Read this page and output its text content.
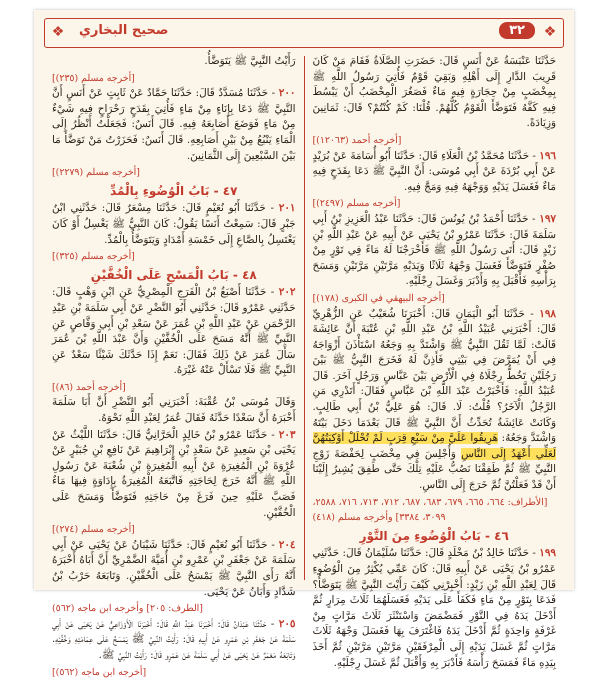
❖	صحيح البخاري	٣٢	❖

حَدَّثَنَا عَنْبَسَةُ عَنْ أَنَسٍ قَالَ: حَضَرَتِ الصَّلَاةُ فَقَامَ مَنْ كَانَ قَرِيبَ الدَّارِ إِلَى أَهْلِهِ وَبَقِيَ قَوْمٌ فَأُتِيَ رَسُولُ اللَّهِ ﷺ بِمِخْضَبٍ مِنْ حِجَارَةٍ فِيهِ مَاءٌ فَصَغُرَ الْمِخْضَبُ أَنْ يَبْسُطَ فِيهِ كَفَّهُ فَتَوَضَّأَ الْقَوْمُ كُلُّهُمْ. قُلْنَا: كَمْ كُنْتُمْ؟ قَالَ: ثَمَانِينَ وَزِيَادَةً.

[أخرجه أحمد (١٢٠٦٣)]

١٩٦ - حَدَّثَنَا مُحَمَّدُ بْنُ الْعَلَاءِ قَالَ: حَدَّثَنَا أَبُو أُسَامَةَ عَنْ بُرَيْدٍ عَنْ أَبِي بُرْدَةَ عَنْ أَبِي مُوسَى: أَنَّ النَّبِيَّ ﷺ دَعَا بِقَدَحٍ فِيهِ مَاءٌ فَغَسَلَ يَدَيْهِ وَوَجْهَهُ فِيهِ وَمَجَّ فِيهِ.

[أخرجه مسلم (٢٤٩٧)]

١٩٧ - حَدَّثَنَا أَحْمَدُ بْنُ يُونُسَ قَالَ: حَدَّثَنَا عَبْدُ الْعَزِيزِ بْنُ أَبِي سَلَمَةَ قَالَ: حَدَّثَنَا عَمْرُو بْنُ يَحْيَى عَنْ أَبِيهِ عَنْ عَبْدِ اللَّهِ بْنِ زَيْدٍ قَالَ: أَتَى رَسُولُ اللَّهِ ﷺ فَأَخْرَجْنَا لَهُ مَاءً فِي تَوْرٍ مِنْ صُفْرٍ فَتَوَضَّأَ فَغَسَلَ وَجْهَهُ ثَلَاثًا وَيَدَيْهِ مَرَّتَيْنِ مَرَّتَيْنِ وَمَسَحَ بِرَأْسِهِ فَأَقْبَلَ بِهِ وَأَدْبَرَ وَغَسَلَ رِجْلَيْهِ.

[أخرجه البيهقي في الكبرى (١٧٨)]

١٩٨ - حَدَّثَنَا أَبُو الْيَمَانِ قَالَ: أَخْبَرَنَا شُعَيْبٌ عَنِ الزُّهْرِيِّ قَالَ: أَخْبَرَنِي عُبَيْدُ اللَّهِ بْنُ عَبْدِ اللَّهِ بْنِ عُتْبَةَ أَنَّ عَائِشَةَ قَالَتْ: لَمَّا ثَقُلَ النَّبِيُّ ﷺ وَاشْتَدَّ بِهِ وَجَعُهُ اسْتَأْذَنَ أَزْوَاجَهُ فِي أَنْ يُمَرَّضَ فِي بَيْتِي فَأَذِنَّ لَهُ فَخَرَجَ النَّبِيُّ ﷺ بَيْنَ رَجُلَيْنِ تَخُطُّ رِجْلَاهُ فِي الْأَرْضِ بَيْنَ عَبَّاسٍ وَرَجُلٍ آخَرَ. قَالَ عُبَيْدُ اللَّهِ: فَأَخْبَرْتُ عَبْدَ اللَّهِ بْنَ عَبَّاسٍ فَقَالَ: أَتَدْرِي مَنِ الرَّجُلُ الْآخَرُ؟ قُلْتُ: لَا. قَالَ: هُوَ عَلِيُّ بْنُ أَبِي طَالِبٍ. وَكَانَتْ عَائِشَةُ تُحَدِّثُ أَنَّ النَّبِيَّ ﷺ قَالَ بَعْدَمَا دَخَلَ بَيْتَهُ وَاشْتَدَّ وَجَعُهُ: هَرِيقُوا عَلَيَّ مِنْ سَبْعِ قِرَبٍ لَمْ تُحْلَلْ أَوْكِيَتُهُنَّ لَعَلِّي أَعْهَدُ إِلَى النَّاسِ وَأُجْلِسَ فِي مِخْضَبٍ لِحَفْصَةَ زَوْجِ النَّبِيِّ ﷺ ثُمَّ طَفِقْنَا نَصُبُّ عَلَيْهِ تِلْكَ حَتَّى طَفِقَ يُشِيرُ إِلَيْنَا أَنْ قَدْ فَعَلْتُنَّ ثُمَّ خَرَجَ إِلَى النَّاسِ.

[الأطراف: ٦٦٤، ٦٦٥، ٦٧٩، ٦٨٣، ٦٨٧، ٧١٢، ٧١٣، ٧١٦، ٢٥٨٨، ٣٠٩٩، ٣٣٨٤] وأخرجه مسلم (٤١٨)
٤٦ - بَابُ الْوُضُوءِ مِنَ التَّوْرِ

١٩٩ - حَدَّثَنَا خَالِدُ بْنُ مَخْلَدٍ قَالَ: حَدَّثَنَا سُلَيْمَانُ قَالَ: حَدَّثَنِي عَمْرُو بْنُ يَحْيَى عَنْ أَبِيهِ قَالَ: كَانَ عَمِّي يُكْثِرُ مِنَ الْوُضُوءِ قَالَ لِعَبْدِ اللَّهِ بْنِ زَيْدٍ: أَخْبِرْنِي كَيْفَ رَأَيْتَ النَّبِيَّ ﷺ يَتَوَضَّأُ؟ فَدَعَا بِتَوْرٍ مِنْ مَاءٍ فَكَفَأَ عَلَى يَدَيْهِ فَغَسَلَهُمَا ثَلَاثَ مِرَارٍ ثُمَّ أَدْخَلَ يَدَهُ فِي التَّوْرِ فَمَضْمَضَ وَاسْتَنْثَرَ ثَلَاثَ مَرَّاتٍ مِنْ غَرْفَةٍ وَاحِدَةٍ ثُمَّ أَدْخَلَ يَدَهُ فَاغْتَرَفَ بِهَا فَغَسَلَ وَجْهَهُ ثَلَاثَ مَرَّاتٍ ثُمَّ غَسَلَ يَدَيْهِ إِلَى الْمِرْفَقَيْنِ مَرَّتَيْنِ مَرَّتَيْنِ ثُمَّ أَخَذَ بِيَدِهِ مَاءً فَمَسَحَ رَأْسَهُ فَأَدْبَرَ بِهِ وَأَقْبَلَ ثُمَّ غَسَلَ رِجْلَيْهِ.

رَأَيْتُ النَّبِيَّ ﷺ يَتَوَضَّأُ.

[أخرجه مسلم (٢٣٥)]

٢٠٠ - حَدَّثَنَا مُسَدَّدٌ قَالَ: حَدَّثَنَا حَمَّادٌ عَنْ ثَابِتٍ عَنْ أَنَسٍ أَنَّ النَّبِيَّ ﷺ دَعَا بِإِنَاءٍ مِنْ مَاءٍ فَأُتِيَ بِقَدَحٍ رَحْرَاحٍ فِيهِ شَيْءٌ مِنْ مَاءٍ فَوَضَعَ أَصَابِعَهُ فِيهِ. قَالَ أَنَسٌ: فَجَعَلْتُ أَنْظُرُ إِلَى الْمَاءِ يَنْبُعُ مِنْ بَيْنِ أَصَابِعِهِ. قَالَ أَنَسٌ: فَحَزَرْتُ مَنْ تَوَضَّأَ مَا بَيْنَ السَّبْعِينَ إِلَى الثَّمَانِينَ.

[أخرجه مسلم (٢٢٧٩)]
٤٧ - بَابُ الْوُضُوءِ بِالْمُدِّ

٢٠١ - حَدَّثَنَا أَبُو نُعَيْمٍ قَالَ: حَدَّثَنَا مِسْعَرٌ قَالَ: حَدَّثَنِي ابْنُ جَبْرٍ قَالَ: سَمِعْتُ أَنَسًا يَقُولُ: كَانَ النَّبِيُّ ﷺ يَغْسِلُ أَوْ كَانَ يَغْتَسِلُ بِالصَّاعِ إِلَى خَمْسَةِ أَمْدَادٍ وَيَتَوَضَّأُ بِالْمُدِّ.

[أخرجه مسلم (٣٢٥)]
٤٨ - بَابُ الْمَسْحِ عَلَى الْخُفَّيْنِ

٢٠٢ - حَدَّثَنَا أَصْبَغُ بْنُ الْفَرَجِ الْمِصْرِيُّ عَنِ ابْنِ وَهْبٍ قَالَ: حَدَّثَنِي عَمْرٌو قَالَ: حَدَّثَنِي أَبُو النَّضْرِ عَنْ أَبِي سَلَمَةَ بْنِ عَبْدِ الرَّحْمَنِ عَنْ عَبْدِ اللَّهِ بْنِ عُمَرَ عَنْ سَعْدِ بْنِ أَبِي وَقَّاصٍ عَنِ النَّبِيِّ ﷺ أَنَّهُ مَسَحَ عَلَى الْخُفَّيْنِ وَأَنَّ عَبْدَ اللَّهِ بْنَ عُمَرَ سَأَلَ عُمَرَ عَنْ ذَلِكَ فَقَالَ: نَعَمْ إِذَا حَدَّثَكَ شَيْئًا سَعْدٌ عَنِ النَّبِيِّ ﷺ فَلَا تَسْأَلْ عَنْهُ غَيْرَهُ.

[أخرجه أحمد (٨٦)]

وَقَالَ مُوسَى بْنُ عُقْبَةَ: أَخْبَرَنِي أَبُو النَّضْرِ أَنَّ أَبَا سَلَمَةَ أَخْبَرَهُ أَنَّ سَعْدًا حَدَّثَهُ فَقَالَ عُمَرُ لِعَبْدِ اللَّهِ نَحْوَهُ.

٢٠٣ - حَدَّثَنَا عَمْرُو بْنُ خَالِدٍ الْحَرَّانِيُّ قَالَ: حَدَّثَنَا اللَّيْثُ عَنْ يَحْيَى بْنِ سَعِيدٍ عَنْ سَعْدِ بْنِ إِبْرَاهِيمَ عَنْ نَافِعِ بْنِ جُبَيْرٍ عَنْ عُرْوَةَ بْنِ الْمُغِيرَةِ عَنْ أَبِيهِ الْمُغِيرَةِ بْنِ شُعْبَةَ عَنْ رَسُولِ اللَّهِ ﷺ أَنَّهُ خَرَجَ لِحَاجَتِهِ فَاتَّبَعَهُ الْمُغِيرَةُ بِإِدَاوَةٍ فِيهَا مَاءٌ فَصَبَّ عَلَيْهِ حِينَ فَرَغَ مِنْ حَاجَتِهِ فَتَوَضَّأَ وَمَسَحَ عَلَى الْخُفَّيْنِ.

[أخرجه مسلم (٢٧٤)]

٢٠٤ - حَدَّثَنَا أَبُو نُعَيْمٍ قَالَ: حَدَّثَنَا شَيْبَانُ عَنْ يَحْيَى عَنْ أَبِي سَلَمَةَ عَنْ جَعْفَرِ بْنِ عَمْرِو بْنِ أُمَيَّةَ الضَّمْرِيِّ أَنَّ أَبَاهُ أَخْبَرَهُ أَنَّهُ رَأَى النَّبِيَّ ﷺ يَمْسَحُ عَلَى الْخُفَّيْنِ. وَتَابَعَهُ حَرْبُ بْنُ شَدَّادٍ وَأَبَانُ عَنْ يَحْيَى.

[الطرف: ٢٠٥] وأخرجه ابن ماجه (٥٦٢)

٢٠٥ - حَدَّثَنَا عَبْدَانُ قَالَ: أَخْبَرَنَا عَبْدُ اللَّهِ قَالَ: أَخْبَرَنَا الْأَوْزَاعِيُّ عَنْ يَحْيَى عَنْ أَبِي سَلَمَةَ عَنْ جَعْفَرِ بْنِ عَمْرٍو عَنْ أَبِيهِ قَالَ: رَأَيْتُ النَّبِيَّ ﷺ يَمْسَحُ عَلَى عِمَامَتِهِ وَخُفَّيْهِ. وَتَابَعَهُ مَعْمَرٌ عَنْ يَحْيَى عَنْ أَبِي سَلَمَةَ عَنْ عَمْرٍو قَالَ: رَأَيْتُ النَّبِيَّ ﷺ.

[أخرجه ابن ماجه (٥٦٢)]
